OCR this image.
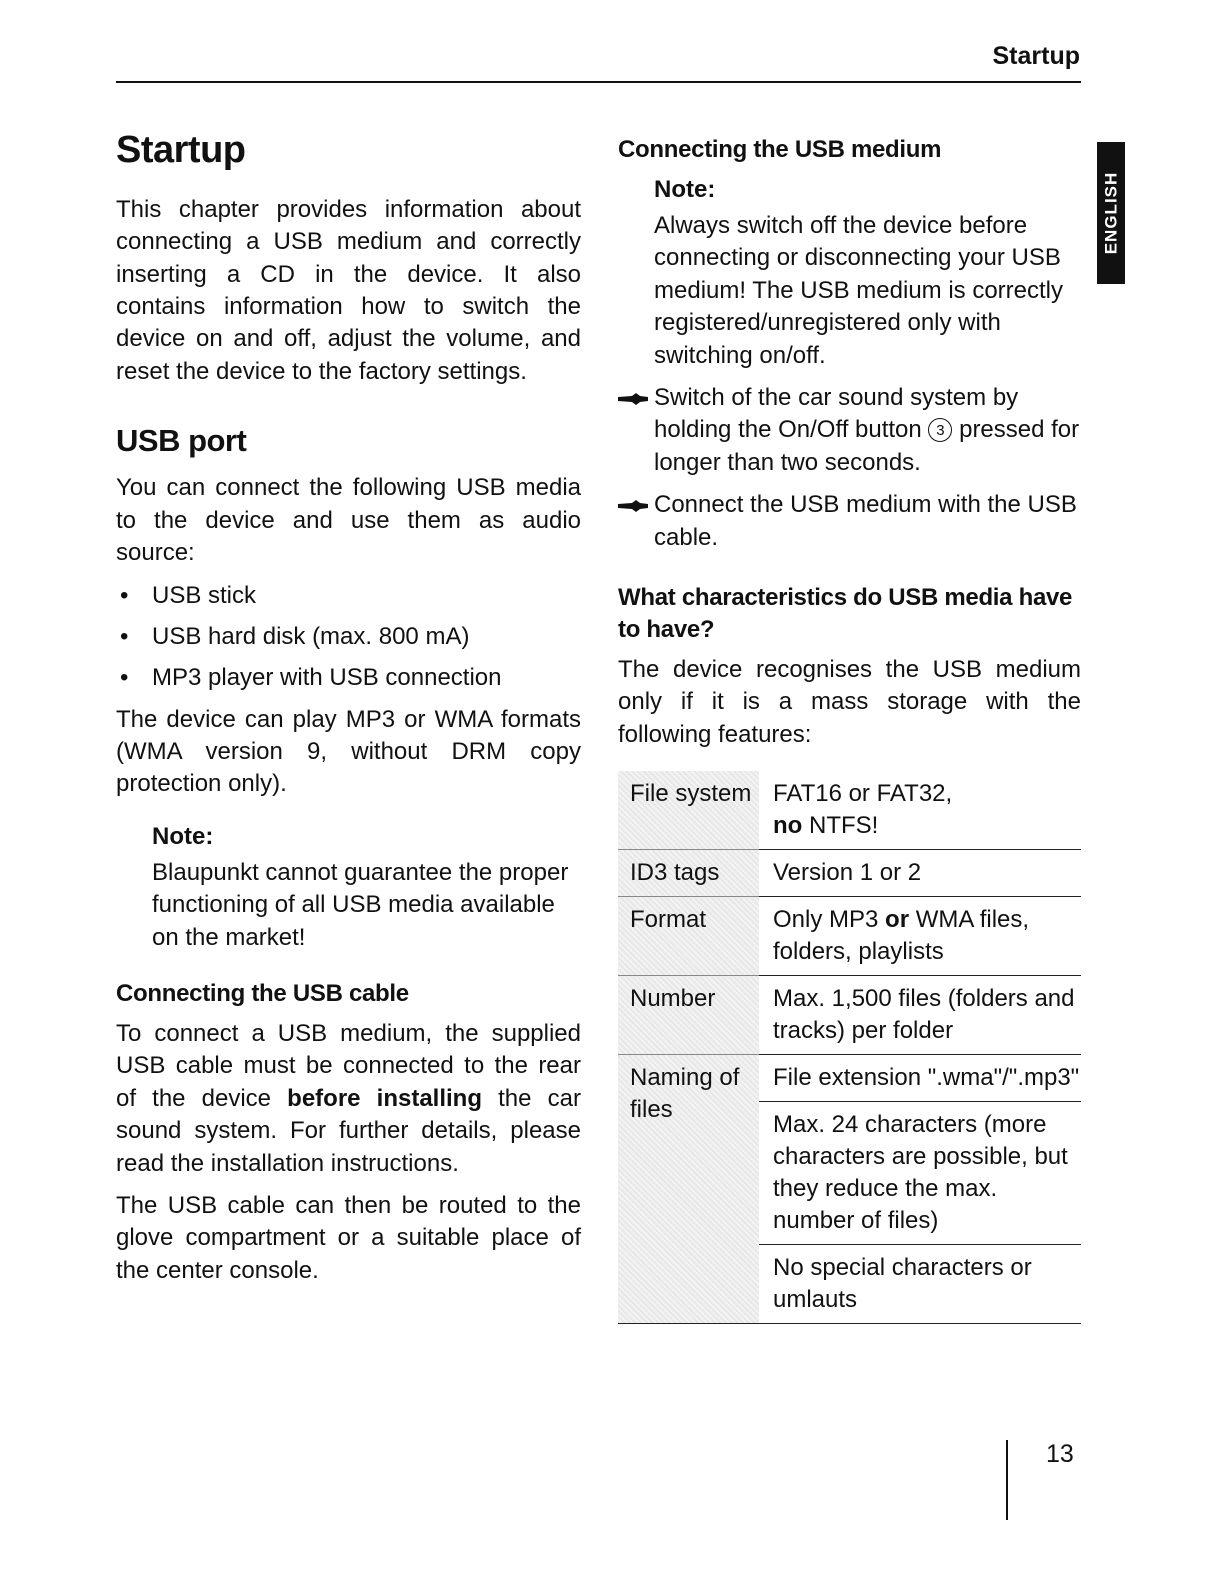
Startup
ENGLISH
Startup

This chapter provides information about connecting a USB medium and correctly inserting a CD in the device. It also contains information how to switch the device on and off, adjust the volume, and reset the device to the factory settings.

USB port

You can connect the following USB media to the device and use them as audio source:

• USB stick
• USB hard disk (max. 800 mA)
• MP3 player with USB connection

The device can play MP3 or WMA formats (WMA version 9, without DRM copy protection only).

Note:

Blaupunkt cannot guarantee the proper functioning of all USB media available on the market!

Connecting the USB cable

To connect a USB medium, the supplied USB cable must be connected to the rear of the device before installing the car sound system. For further details, please read the installation instructions.

The USB cable can then be routed to the glove compartment or a suitable place of the center console.

Connecting the USB medium
Note:

Always switch off the device before connecting or disconnecting your USB medium! The USB medium is correctly registered/unregistered only with switching on/off.

Switch of the car sound system by holding the On/Off button 3 pressed for longer than two seconds.
Connect the USB medium with the USB cable.
What characteristics do USB media have to have?

The device recognises the USB medium only if it is a mass storage with the following features:

File system	FAT16 or FAT32,
no NTFS!
ID3 tags	Version 1 or 2
Format	Only MP3 or WMA files, folders, playlists
Number	Max. 1,500 files (folders and tracks) per folder
Naming of files	File extension ".wma"/".mp3"
	Max. 24 characters (more characters are possible, but they reduce the max. number of files)
	No special characters or umlauts
13
